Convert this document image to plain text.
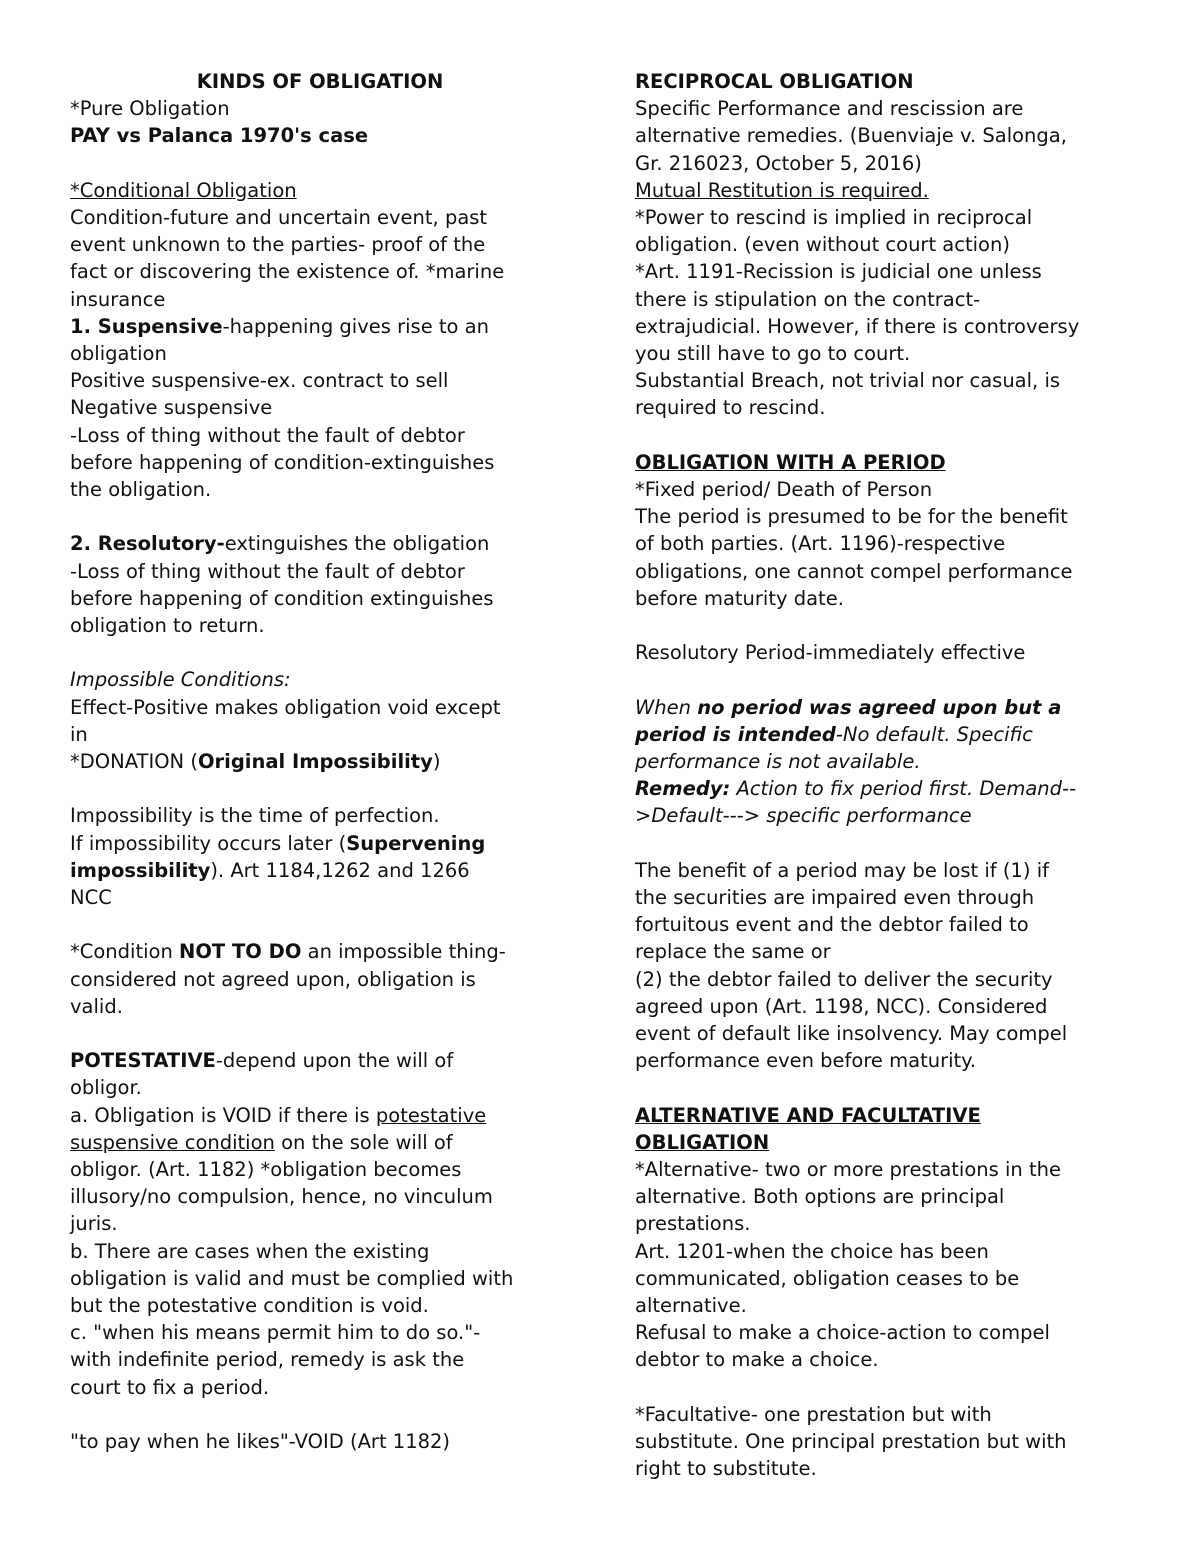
KINDS OF OBLIGATION
*Pure Obligation
PAY vs Palanca 1970's case
*Conditional Obligation
Condition-future and uncertain event, past
event unknown to the parties- proof of the
fact or discovering the existence of. *marine
insurance
1. Suspensive-happening gives rise to an
obligation
Positive suspensive-ex. contract to sell
Negative suspensive
-Loss of thing without the fault of debtor
before happening of condition-extinguishes
the obligation.
2. Resolutory-extinguishes the obligation
-Loss of thing without the fault of debtor
before happening of condition extinguishes
obligation to return.
Impossible Conditions:
Effect-Positive makes obligation void except
in
*DONATION (Original Impossibility)
Impossibility is the time of perfection.
If impossibility occurs later (Supervening
impossibility). Art 1184,1262 and 1266
NCC
*Condition NOT TO DO an impossible thing-
considered not agreed upon, obligation is
valid.
POTESTATIVE-depend upon the will of
obligor.
a. Obligation is VOID if there is potestative
suspensive condition on the sole will of
obligor. (Art. 1182) *obligation becomes
illusory/no compulsion, hence, no vinculum
juris.
b. There are cases when the existing
obligation is valid and must be complied with
but the potestative condition is void.
c. "when his means permit him to do so."-
with indefinite period, remedy is ask the
court to fix a period.
"to pay when he likes"-VOID (Art 1182)
RECIPROCAL OBLIGATION
Specific Performance and rescission are
alternative remedies. (Buenviaje v. Salonga,
Gr. 216023, October 5, 2016)
Mutual Restitution is required.
*Power to rescind is implied in reciprocal
obligation. (even without court action)
*Art. 1191-Recission is judicial one unless
there is stipulation on the contract-
extrajudicial. However, if there is controversy
you still have to go to court.
Substantial Breach, not trivial nor casual, is
required to rescind.
OBLIGATION WITH A PERIOD
*Fixed period/ Death of Person
The period is presumed to be for the benefit
of both parties. (Art. 1196)-respective
obligations, one cannot compel performance
before maturity date.
Resolutory Period-immediately effective
When no period was agreed upon but a
period is intended-No default. Specific
performance is not available.
Remedy: Action to fix period first. Demand--
>Default---> specific performance
The benefit of a period may be lost if (1) if
the securities are impaired even through
fortuitous event and the debtor failed to
replace the same or
(2) the debtor failed to deliver the security
agreed upon (Art. 1198, NCC). Considered
event of default like insolvency. May compel
performance even before maturity.
ALTERNATIVE AND FACULTATIVE
OBLIGATION
*Alternative- two or more prestations in the
alternative. Both options are principal
prestations.
Art. 1201-when the choice has been
communicated, obligation ceases to be
alternative.
Refusal to make a choice-action to compel
debtor to make a choice.
*Facultative- one prestation but with
substitute. One principal prestation but with
right to substitute.
